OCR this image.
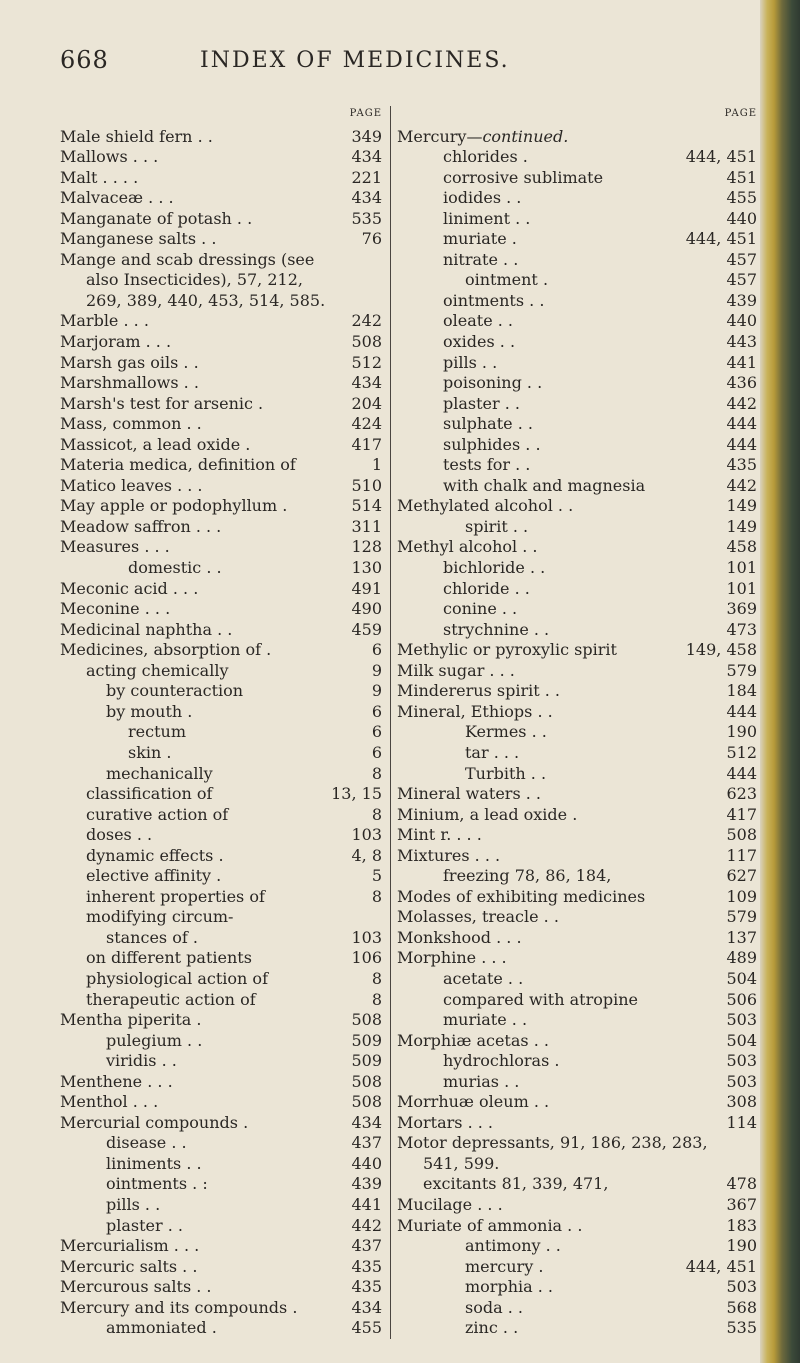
668	INDEX OF MEDICINES.
PAGE
Male shield fern . .	349
Mallows . . .	434
Malt . . . .	221
Malvaceæ . . .	434
Manganate of potash . .	535
Manganese salts . .	76
Mange and scab dressings (see
also Insecticides), 57, 212,
269, 389, 440, 453, 514, 585.
Marble . . .	242
Marjoram . . .	508
Marsh gas oils . .	512
Marshmallows . .	434
Marsh's test for arsenic .	204
Mass, common . .	424
Massicot, a lead oxide .	417
Materia medica, definition of	1
Matico leaves . . .	510
May apple or podophyllum .	514
Meadow saffron . . .	311
Measures . . .	128
domestic . .	130
Meconic acid . . .	491
Meconine . . .	490
Medicinal naphtha . .	459
Medicines, absorption of .	6
acting chemically	9
by counteraction	9
by mouth .	6
rectum	6
skin .	6
mechanically	8
classification of	13, 15
curative action of	8
doses . .	103
dynamic effects .	4, 8
elective affinity .	5
inherent properties of	8
modifying circum-
stances of .	103
on different patients	106
physiological action of	8
therapeutic action of	8
Mentha piperita .	508
pulegium . .	509
viridis . .	509
Menthene . . .	508
Menthol . . .	508
Mercurial compounds .	434
disease . .	437
liniments . .	440
ointments . :	439
pills . .	441
plaster . .	442
Mercurialism . . .	437
Mercuric salts . .	435
Mercurous salts . .	435
Mercury and its compounds .	434
ammoniated .	455
PAGE
Mercury—continued.
chlorides .	444, 451
corrosive sublimate	451
iodides . .	455
liniment . .	440
muriate .	444, 451
nitrate . .	457
ointment .	457
ointments . .	439
oleate . .	440
oxides . .	443
pills . .	441
poisoning . .	436
plaster . .	442
sulphate . .	444
sulphides . .	444
tests for . .	435
with chalk and magnesia	442
Methylated alcohol . .	149
spirit . .	149
Methyl alcohol . .	458
bichloride . .	101
chloride . .	101
conine . .	369
strychnine . .	473
Methylic or pyroxylic spirit	149, 458
Milk sugar . . .	579
Mindererus spirit . .	184
Mineral, Ethiops . .	444
Kermes . .	190
tar . . .	512
Turbith . .	444
Mineral waters . .	623
Minium, a lead oxide .	417
Mint r. . . .	508
Mixtures . . .	117
freezing 78, 86, 184,	627
Modes of exhibiting medicines	109
Molasses, treacle . .	579
Monkshood . . .	137
Morphine . . .	489
acetate . .	504
compared with atropine	506
muriate . .	503
Morphiæ acetas . .	504
hydrochloras .	503
murias . .	503
Morrhuæ oleum . .	308
Mortars . . .	114
Motor depressants, 91, 186, 238, 283,
541, 599.
excitants 81, 339, 471,	478
Mucilage . . .	367
Muriate of ammonia . .	183
antimony . .	190
mercury .	444, 451
morphia . .	503
soda . .	568
zinc . .	535
